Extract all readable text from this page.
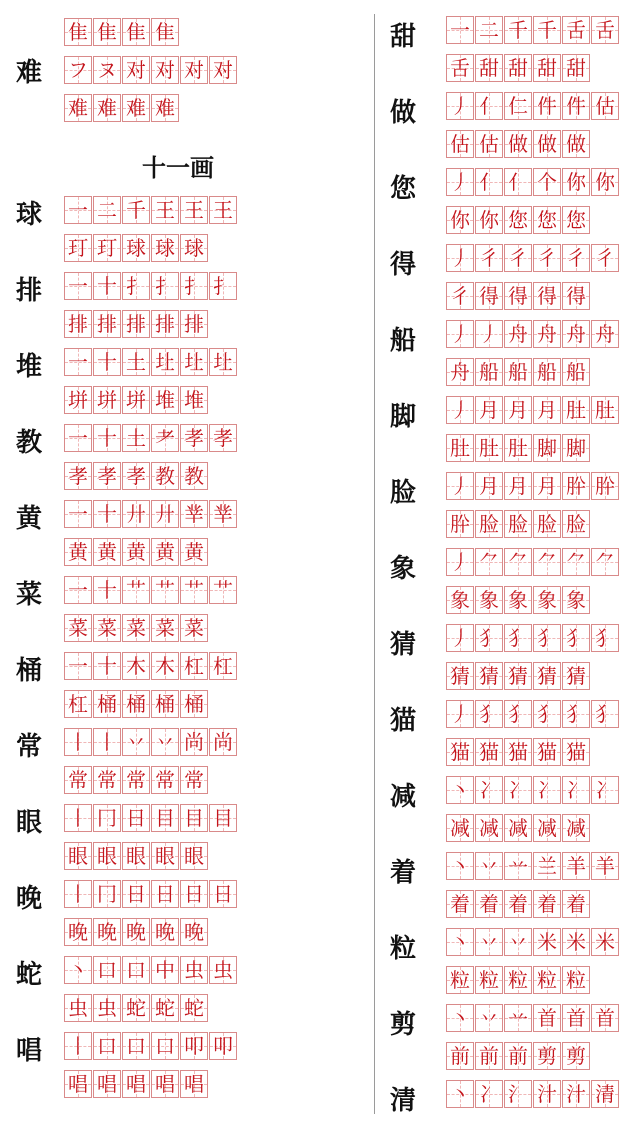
难
隹 隹 隹 隹
フ ヌ 对 对 对 对
难 难 难 难
球	一 二 千 王 王 王
玎 玎 球 球 球
排	一 十 扌 扌 扌 扌
排 排 排 排 排
堆	一 十 土 圵 圵 圵
垪 垪 垪 堆 堆
教	一 十 土 耂 孝 孝
孝 孝 孝 教 教
黄	一 十 廾 廾 丵 丵
黄 黄 黄 黄 黄
菜	一 十 艹 艹 艹 艹
菜 菜 菜 菜 菜
桶	一 十 木 木 杠 杠
杠 桶 桶 桶 桶
常	丨 丨 丷 丷 尚 尚
常 常 常 常 常
眼	丨 冂 日 目 目 目
眼 眼 眼 眼 眼
晚	丨 冂 日 日 日 日
晚 晚 晚 晚 晚
蛇	丶 口 口 中 虫 虫
虫 虫 蛇 蛇 蛇
唱	丨 口 口 口 叩 叩
唱 唱 唱 唱 唱
甜	一 二 千 千 舌 舌
舌 甜 甜 甜 甜
做	丿 亻 仁 件 件 估
估 估 做 做 做
您	丿 亻 亻 个 你 你
你 你 您 您 您
得	丿 彳 彳 彳 彳 彳
彳 得 得 得 得
船	丿 丿 舟 舟 舟 舟
舟 船 船 船 船
脚	丿 月 月 月 肚 肚
肚 肚 肚 脚 脚
脸	丿 月 月 月 肸 肸
肸 脸 脸 脸 脸
象	丿 ⺈ ⺈ ⺈ ⺈ ⺈
象 象 象 象 象
猜	丿 犭 犭 犭 犭 犭
猜 猜 猜 猜 猜
猫	丿 犭 犭 犭 犭 犭
猫 猫 猫 猫 猫
减	丶 冫 冫 冫 冫 冫
减 减 减 减 减
着	丶 丷 䒑 兰 羊 羊
着 着 着 着 着
粒	丶 丷 丷 米 米 米
粒 粒 粒 粒 粒
剪	丶 丷 䒑 首 首 首
前 前 前 剪 剪
清	丶 冫 氵 汁 汁 清
十一画
